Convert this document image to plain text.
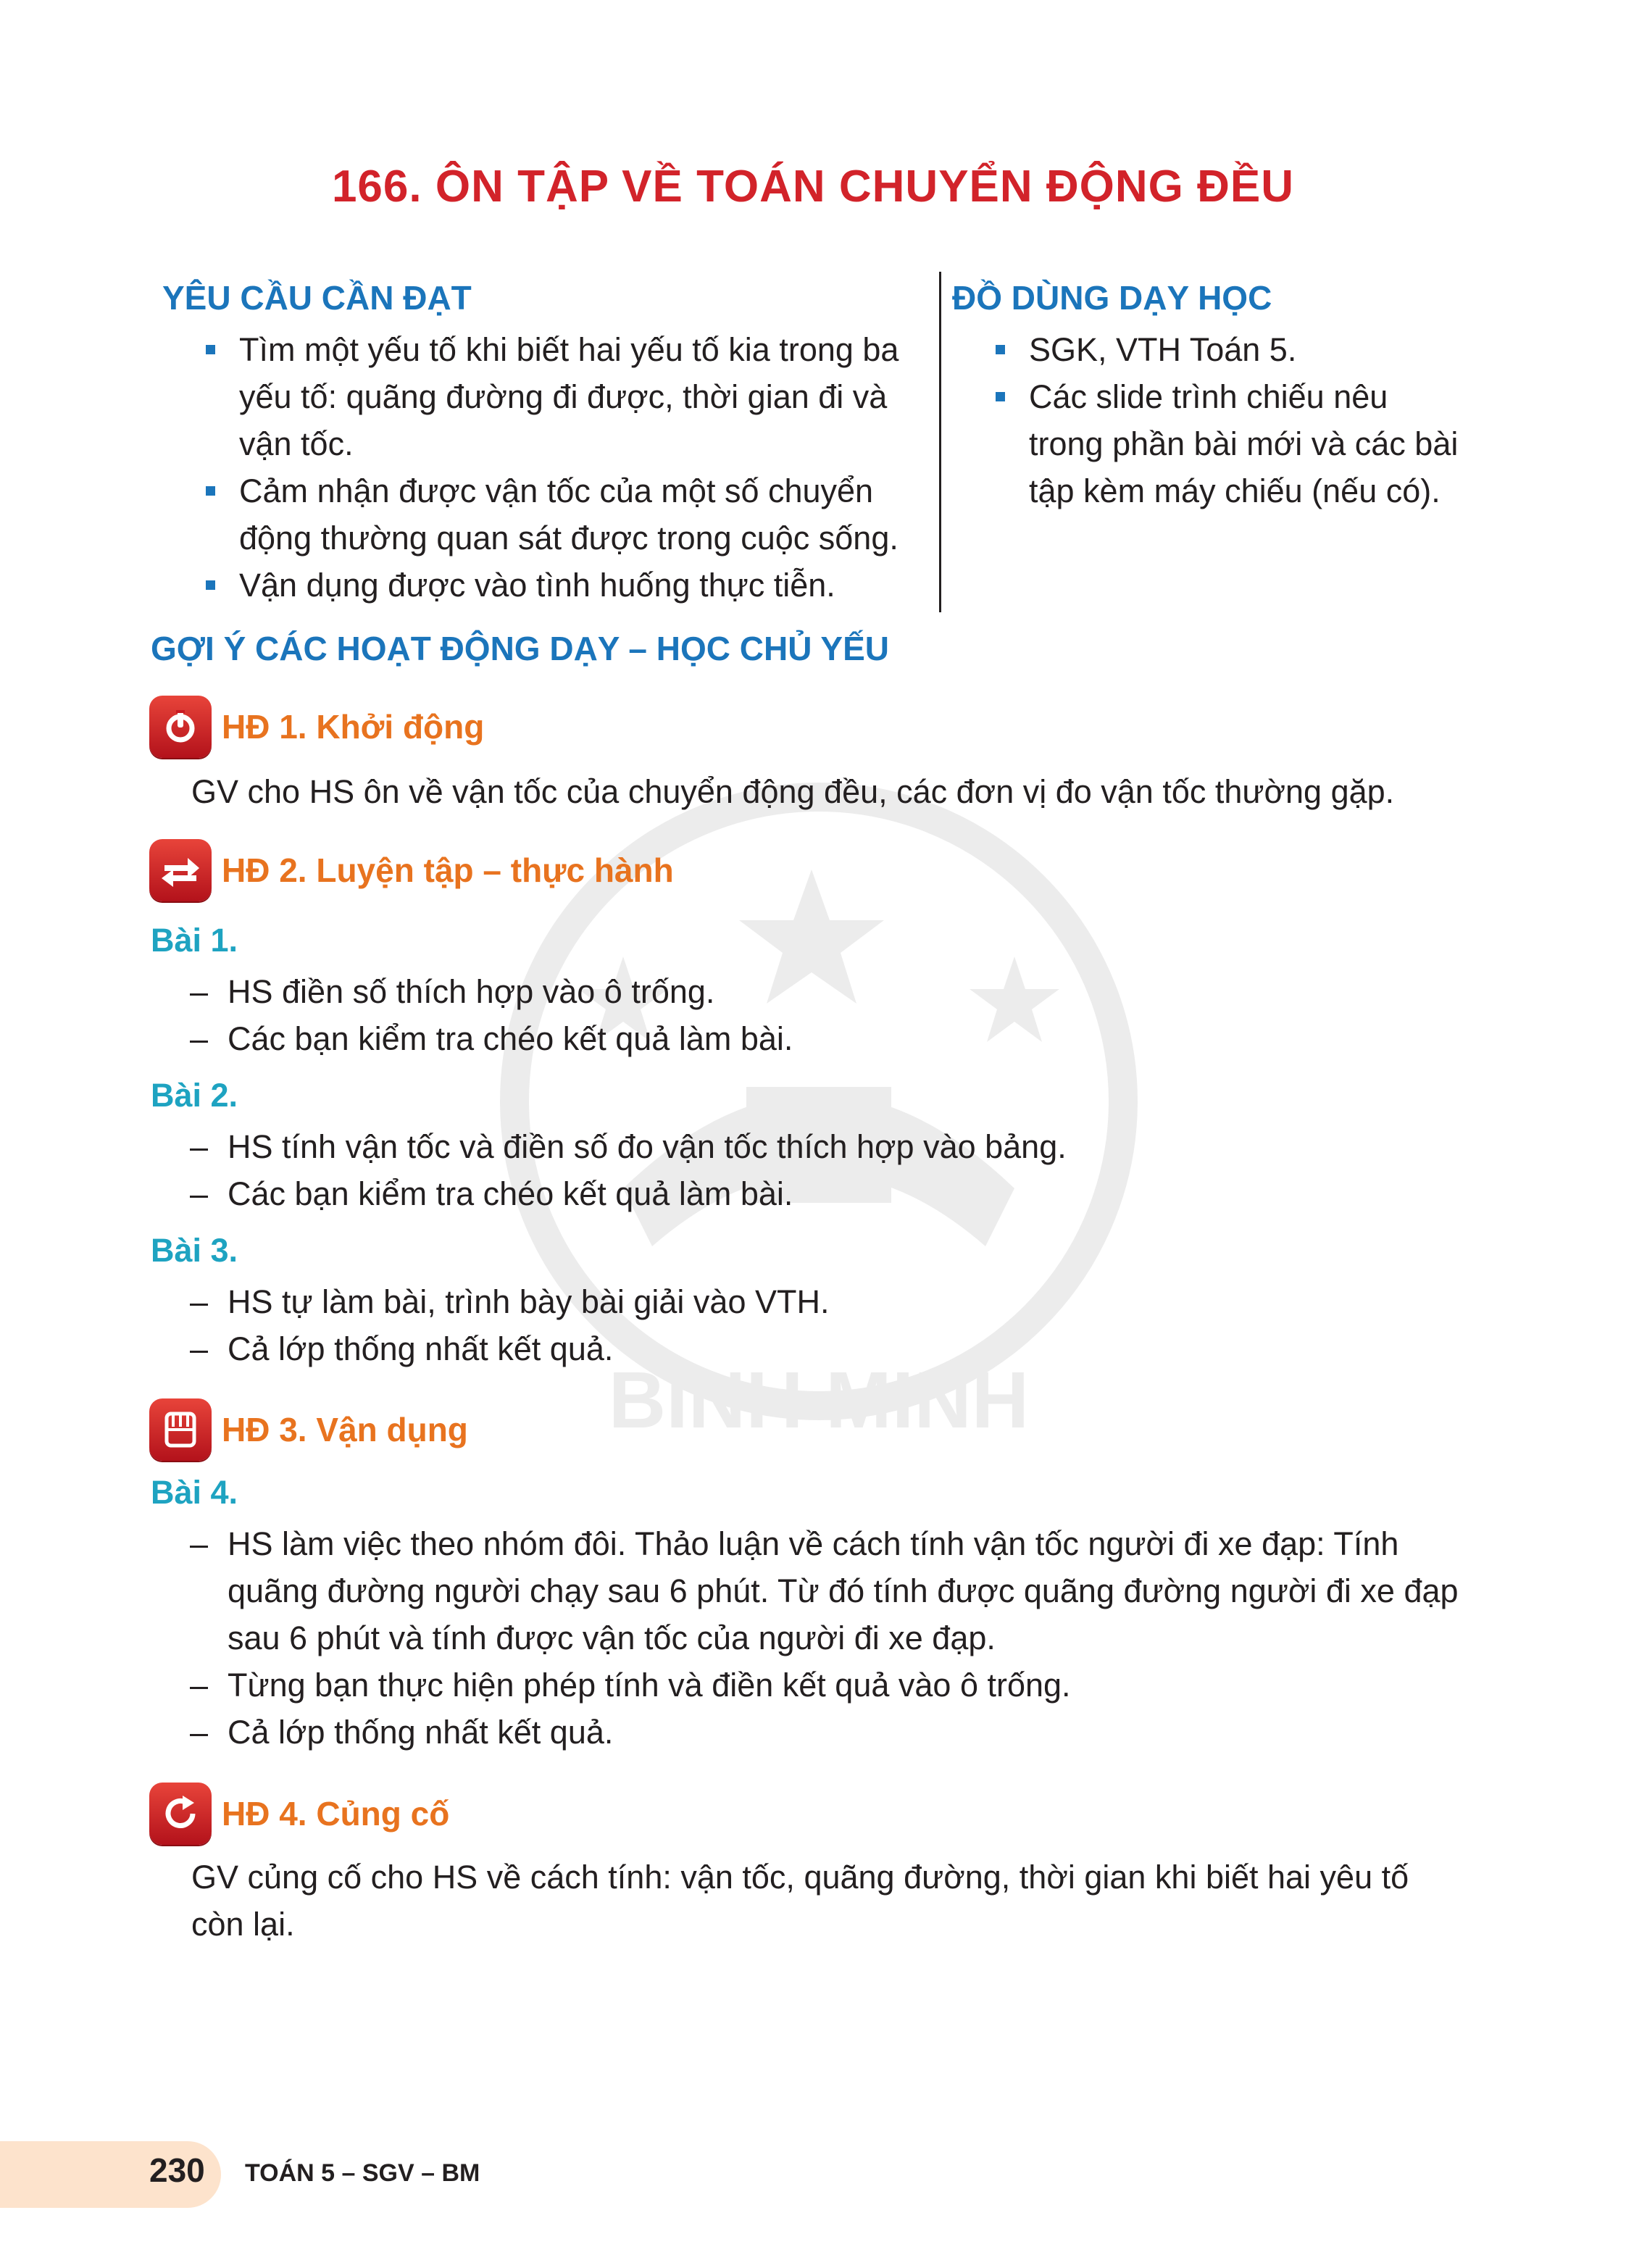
BÌNH MINH
166. ÔN TẬP VỀ TOÁN CHUYỂN ĐỘNG ĐỀU
YÊU CẦU CẦN ĐẠT
Tìm một yếu tố khi biết hai yếu tố kia trong ba
yếu tố: quãng đường đi được, thời gian đi và
vận tốc.
Cảm nhận được vận tốc của một số chuyển
động thường quan sát được trong cuộc sống.
Vận dụng được vào tình huống thực tiễn.
ĐỒ DÙNG DẠY HỌC
SGK, VTH Toán 5.
Các slide trình chiếu nêu
trong phần bài mới và các bài
tập kèm máy chiếu (nếu có).
GỢI Ý CÁC HOẠT ĐỘNG DẠY – HỌC CHỦ YẾU
HĐ 1. Khởi động
GV cho HS ôn về vận tốc của chuyển động đều, các đơn vị đo vận tốc thường gặp.
HĐ 2. Luyện tập – thực hành
Bài 1.
– HS điền số thích hợp vào ô trống.
– Các bạn kiểm tra chéo kết quả làm bài.
Bài 2.
– HS tính vận tốc và điền số đo vận tốc thích hợp vào bảng.
– Các bạn kiểm tra chéo kết quả làm bài.
Bài 3.
– HS tự làm bài, trình bày bài giải vào VTH.
– Cả lớp thống nhất kết quả.
HĐ 3. Vận dụng
Bài 4.
– HS làm việc theo nhóm đôi. Thảo luận về cách tính vận tốc người đi xe đạp: Tính
quãng đường người chạy sau 6 phút. Từ đó tính được quãng đường người đi xe đạp
sau 6 phút và tính được vận tốc của người đi xe đạp.
– Từng bạn thực hiện phép tính và điền kết quả vào ô trống.
– Cả lớp thống nhất kết quả.
HĐ 4. Củng cố
GV củng cố cho HS về cách tính: vận tốc, quãng đường, thời gian khi biết hai yêu tố
còn lại.
230 TOÁN 5 – SGV – BM
